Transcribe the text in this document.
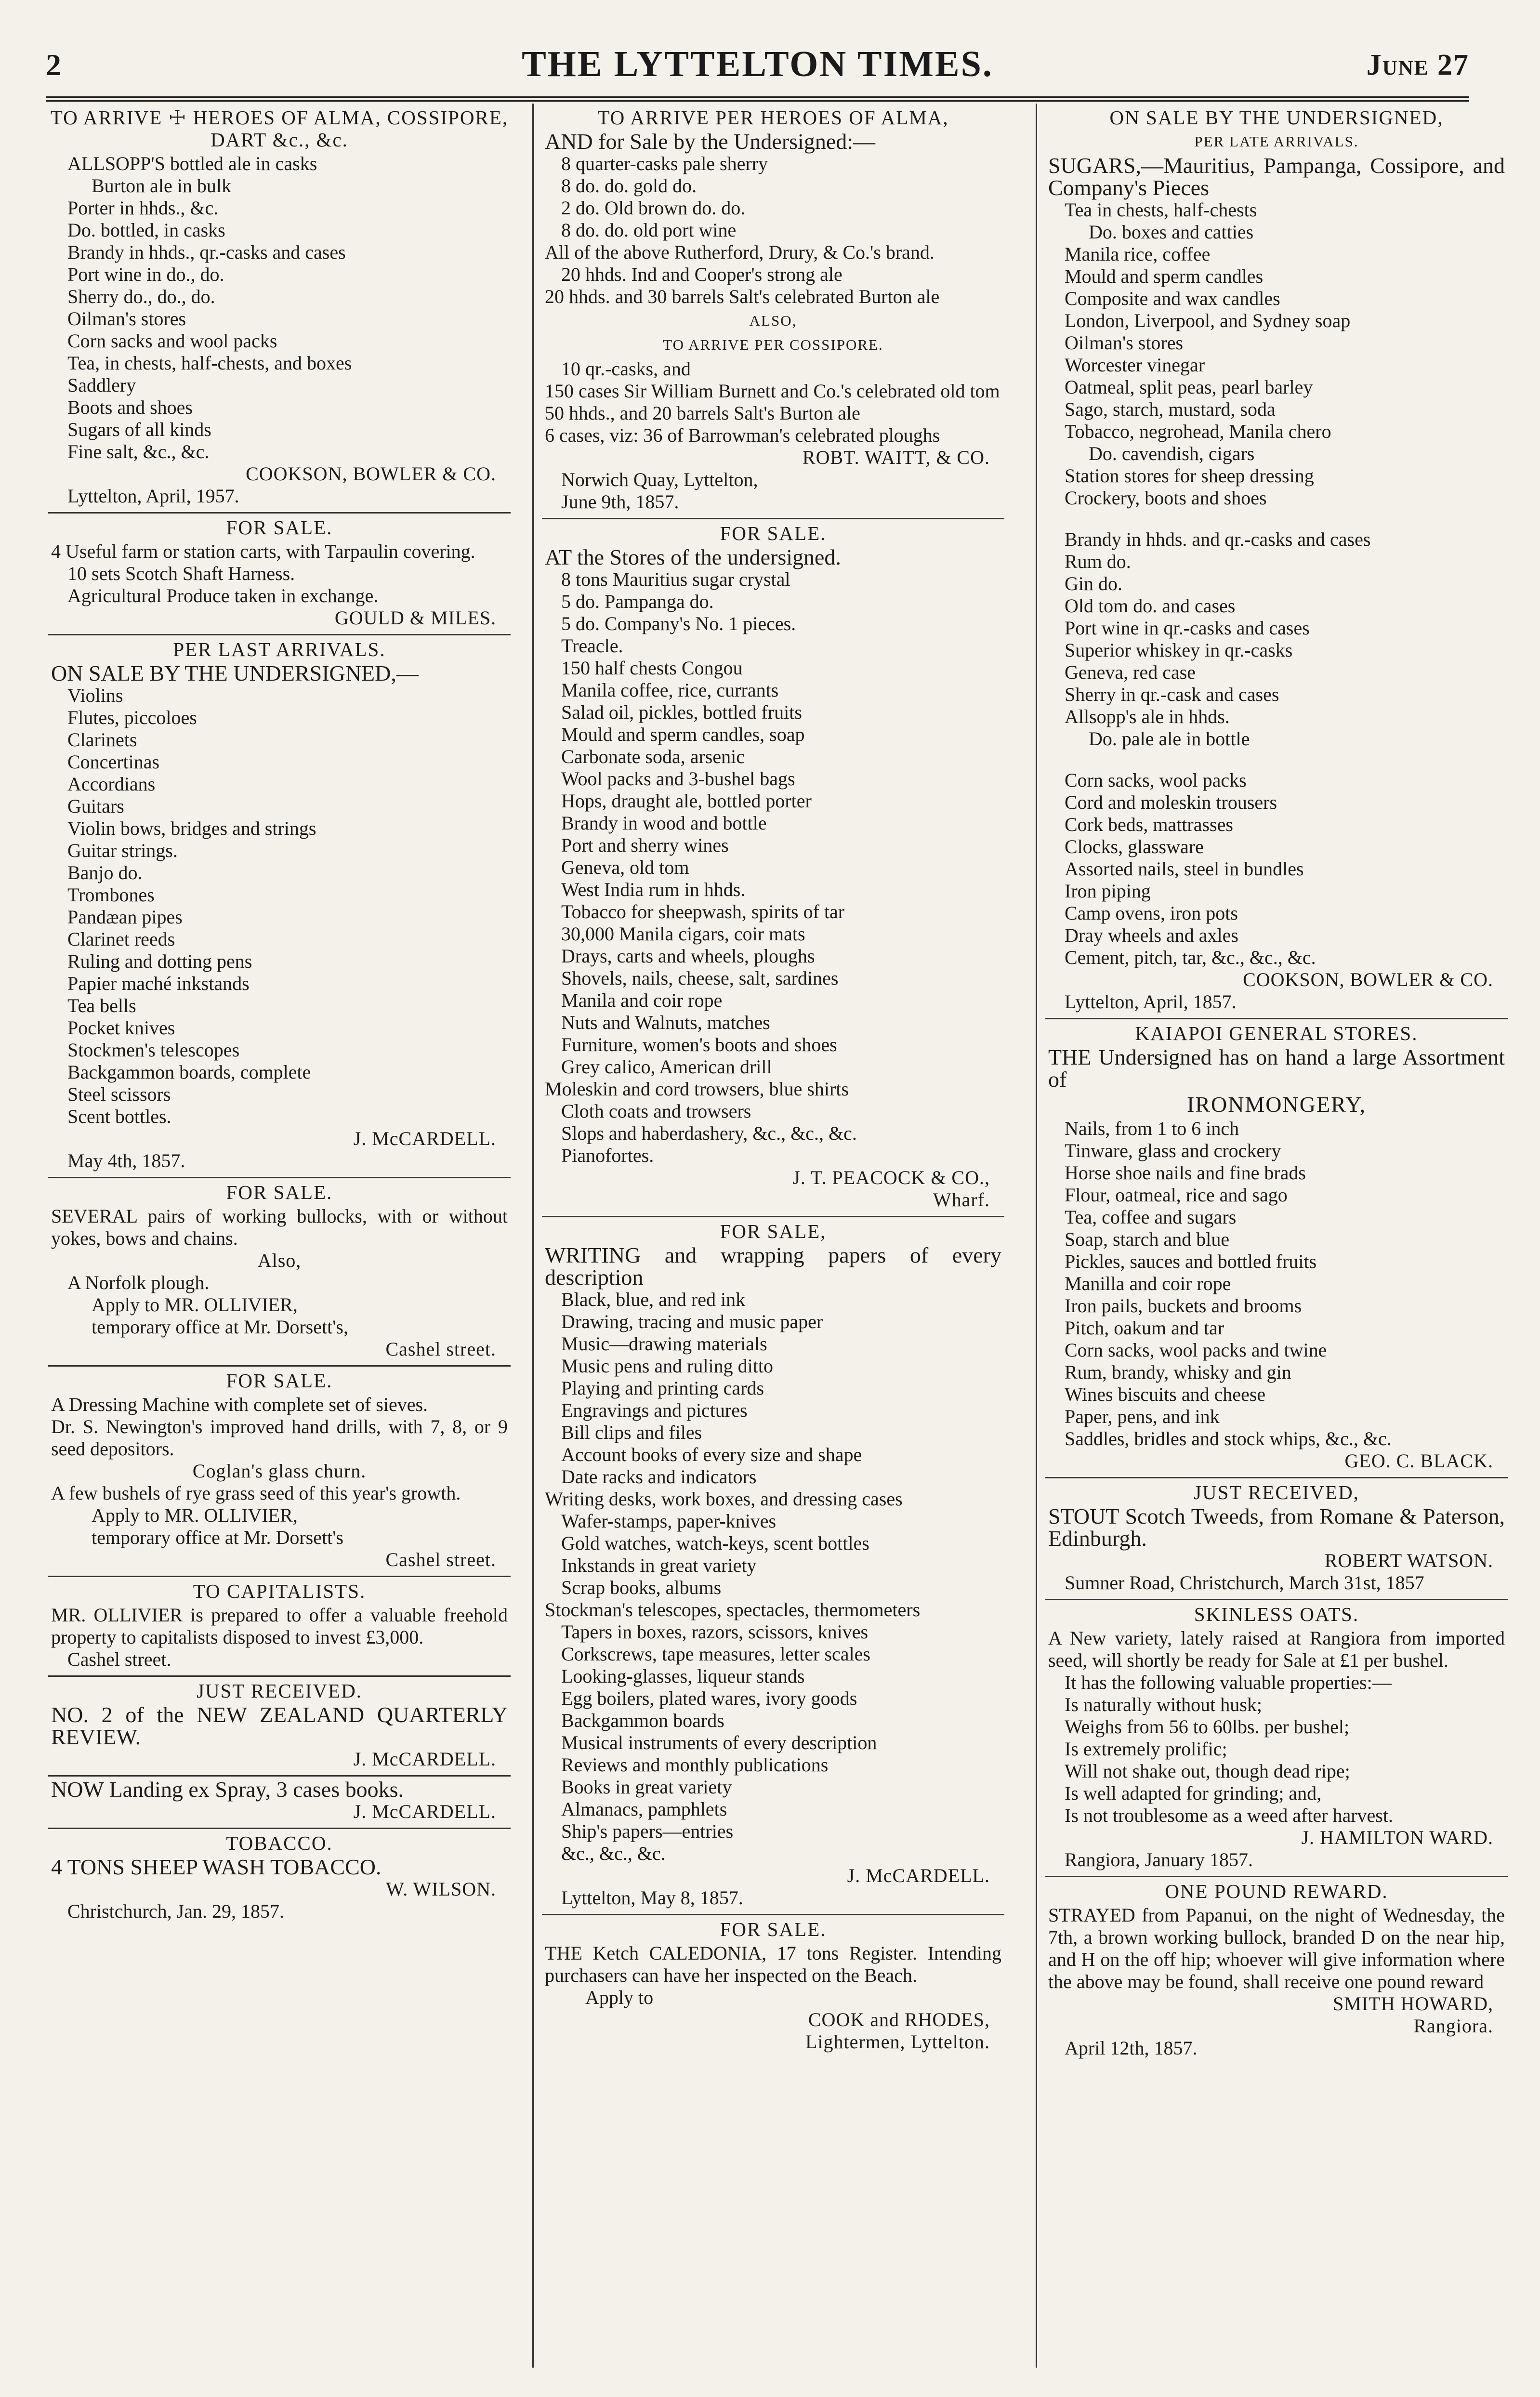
2	THE LYTTELTON TIMES.	June 27
TO ARRIVE ☩ HEROES OF ALMA, COSSIPORE, DART &c., &c.
ALLSOPP'S bottled ale in casks
Burton ale in bulk
Porter in hhds., &c.
Do. bottled, in casks
Brandy in hhds., qr.-casks and cases
Port wine in do., do.
Sherry do., do., do.
Oilman's stores
Corn sacks and wool packs
Tea, in chests, half-chests, and boxes
Saddlery
Boots and shoes
Sugars of all kinds
Fine salt, &c., &c.
COOKSON, BOWLER & CO.
Lyttelton, April, 1957.
FOR SALE.
4 Useful farm or station carts, with Tarpaulin covering.
10 sets Scotch Shaft Harness.
Agricultural Produce taken in exchange.
GOULD & MILES.
PER LAST ARRIVALS.
ON SALE BY THE UNDERSIGNED,—
Violins
Flutes, piccoloes
Clarinets
Concertinas
Accordians
Guitars
Violin bows, bridges and strings
Guitar strings.
Banjo do.
Trombones
Pandæan pipes
Clarinet reeds
Ruling and dotting pens
Papier maché inkstands
Tea bells
Pocket knives
Stockmen's telescopes
Backgammon boards, complete
Steel scissors
Scent bottles.
J. McCARDELL.
May 4th, 1857.
FOR SALE.
SEVERAL pairs of working bullocks, with or without yokes, bows and chains.
Also,
A Norfolk plough.
Apply to MR. OLLIVIER,
temporary office at Mr. Dorsett's,
Cashel street.
FOR SALE.
A Dressing Machine with complete set of sieves.
Dr. S. Newington's improved hand drills, with 7, 8, or 9 seed depositors.
Coglan's glass churn.
A few bushels of rye grass seed of this year's growth.
Apply to MR. OLLIVIER,
temporary office at Mr. Dorsett's
Cashel street.
TO CAPITALISTS.
MR. OLLIVIER is prepared to offer a valuable freehold property to capitalists disposed to invest £3,000.
Cashel street.
JUST RECEIVED.
NO. 2 of the NEW ZEALAND QUARTERLY REVIEW.
J. McCARDELL.
NOW Landing ex Spray, 3 cases books.
J. McCARDELL.
TOBACCO.
4 TONS SHEEP WASH TOBACCO.
W. WILSON.
Christchurch, Jan. 29, 1857.
TO ARRIVE PER HEROES OF ALMA,
AND for Sale by the Undersigned:—
8 quarter-casks pale sherry
8 do. do. gold do.
2 do. Old brown do. do.
8 do. do. old port wine
All of the above Rutherford, Drury, & Co.'s brand.
20 hhds. Ind and Cooper's strong ale
20 hhds. and 30 barrels Salt's celebrated Burton ale
ALSO,
TO ARRIVE PER COSSIPORE.
10 qr.-casks, and
150 cases Sir William Burnett and Co.'s celebrated old tom
50 hhds., and 20 barrels Salt's Burton ale
6 cases, viz: 36 of Barrowman's celebrated ploughs
ROBT. WAITT, & CO.
Norwich Quay, Lyttelton,
June 9th, 1857.
FOR SALE.
AT the Stores of the undersigned.
8 tons Mauritius sugar crystal
5 do. Pampanga do.
5 do. Company's No. 1 pieces.
Treacle.
150 half chests Congou
Manila coffee, rice, currants
Salad oil, pickles, bottled fruits
Mould and sperm candles, soap
Carbonate soda, arsenic
Wool packs and 3-bushel bags
Hops, draught ale, bottled porter
Brandy in wood and bottle
Port and sherry wines
Geneva, old tom
West India rum in hhds.
Tobacco for sheepwash, spirits of tar
30,000 Manila cigars, coir mats
Drays, carts and wheels, ploughs
Shovels, nails, cheese, salt, sardines
Manila and coir rope
Nuts and Walnuts, matches
Furniture, women's boots and shoes
Grey calico, American drill
Moleskin and cord trowsers, blue shirts
Cloth coats and trowsers
Slops and haberdashery, &c., &c., &c.
Pianofortes.
J. T. PEACOCK & CO.,
Wharf.
FOR SALE,
WRITING and wrapping papers of every description
Black, blue, and red ink
Drawing, tracing and music paper
Music—drawing materials
Music pens and ruling ditto
Playing and printing cards
Engravings and pictures
Bill clips and files
Account books of every size and shape
Date racks and indicators
Writing desks, work boxes, and dressing cases
Wafer-stamps, paper-knives
Gold watches, watch-keys, scent bottles
Inkstands in great variety
Scrap books, albums
Stockman's telescopes, spectacles, thermometers
Tapers in boxes, razors, scissors, knives
Corkscrews, tape measures, letter scales
Looking-glasses, liqueur stands
Egg boilers, plated wares, ivory goods
Backgammon boards
Musical instruments of every description
Reviews and monthly publications
Books in great variety
Almanacs, pamphlets
Ship's papers—entries
&c., &c., &c.
J. McCARDELL.
Lyttelton, May 8, 1857.
FOR SALE.
THE Ketch CALEDONIA, 17 tons Register. Intending purchasers can have her inspected on the Beach.
Apply to
COOK and RHODES,
Lightermen, Lyttelton.
ON SALE BY THE UNDERSIGNED,
PER LATE ARRIVALS.
SUGARS,—Mauritius, Pampanga, Cossipore, and Company's Pieces
Tea in chests, half-chests
Do. boxes and catties
Manila rice, coffee
Mould and sperm candles
Composite and wax candles
London, Liverpool, and Sydney soap
Oilman's stores
Worcester vinegar
Oatmeal, split peas, pearl barley
Sago, starch, mustard, soda
Tobacco, negrohead, Manila chero
Do. cavendish, cigars
Station stores for sheep dressing
Crockery, boots and shoes
Brandy in hhds. and qr.-casks and cases
Rum do.
Gin do.
Old tom do. and cases
Port wine in qr.-casks and cases
Superior whiskey in qr.-casks
Geneva, red case
Sherry in qr.-cask and cases
Allsopp's ale in hhds.
Do. pale ale in bottle
Corn sacks, wool packs
Cord and moleskin trousers
Cork beds, mattrasses
Clocks, glassware
Assorted nails, steel in bundles
Iron piping
Camp ovens, iron pots
Dray wheels and axles
Cement, pitch, tar, &c., &c., &c.
COOKSON, BOWLER & CO.
Lyttelton, April, 1857.
KAIAPOI GENERAL STORES.
THE Undersigned has on hand a large Assortment of
IRONMONGERY,
Nails, from 1 to 6 inch
Tinware, glass and crockery
Horse shoe nails and fine brads
Flour, oatmeal, rice and sago
Tea, coffee and sugars
Soap, starch and blue
Pickles, sauces and bottled fruits
Manilla and coir rope
Iron pails, buckets and brooms
Pitch, oakum and tar
Corn sacks, wool packs and twine
Rum, brandy, whisky and gin
Wines biscuits and cheese
Paper, pens, and ink
Saddles, bridles and stock whips, &c., &c.
GEO. C. BLACK.
JUST RECEIVED,
STOUT Scotch Tweeds, from Romane & Paterson, Edinburgh.
ROBERT WATSON.
Sumner Road, Christchurch, March 31st, 1857
SKINLESS OATS.
A New variety, lately raised at Rangiora from imported seed, will shortly be ready for Sale at £1 per bushel.
It has the following valuable properties:—
Is naturally without husk;
Weighs from 56 to 60lbs. per bushel;
Is extremely prolific;
Will not shake out, though dead ripe;
Is well adapted for grinding; and,
Is not troublesome as a weed after harvest.
J. HAMILTON WARD.
Rangiora, January 1857.
ONE POUND REWARD.
STRAYED from Papanui, on the night of Wednesday, the 7th, a brown working bullock, branded D on the near hip, and H on the off hip; whoever will give information where the above may be found, shall receive one pound reward
SMITH HOWARD,
Rangiora.
April 12th, 1857.
